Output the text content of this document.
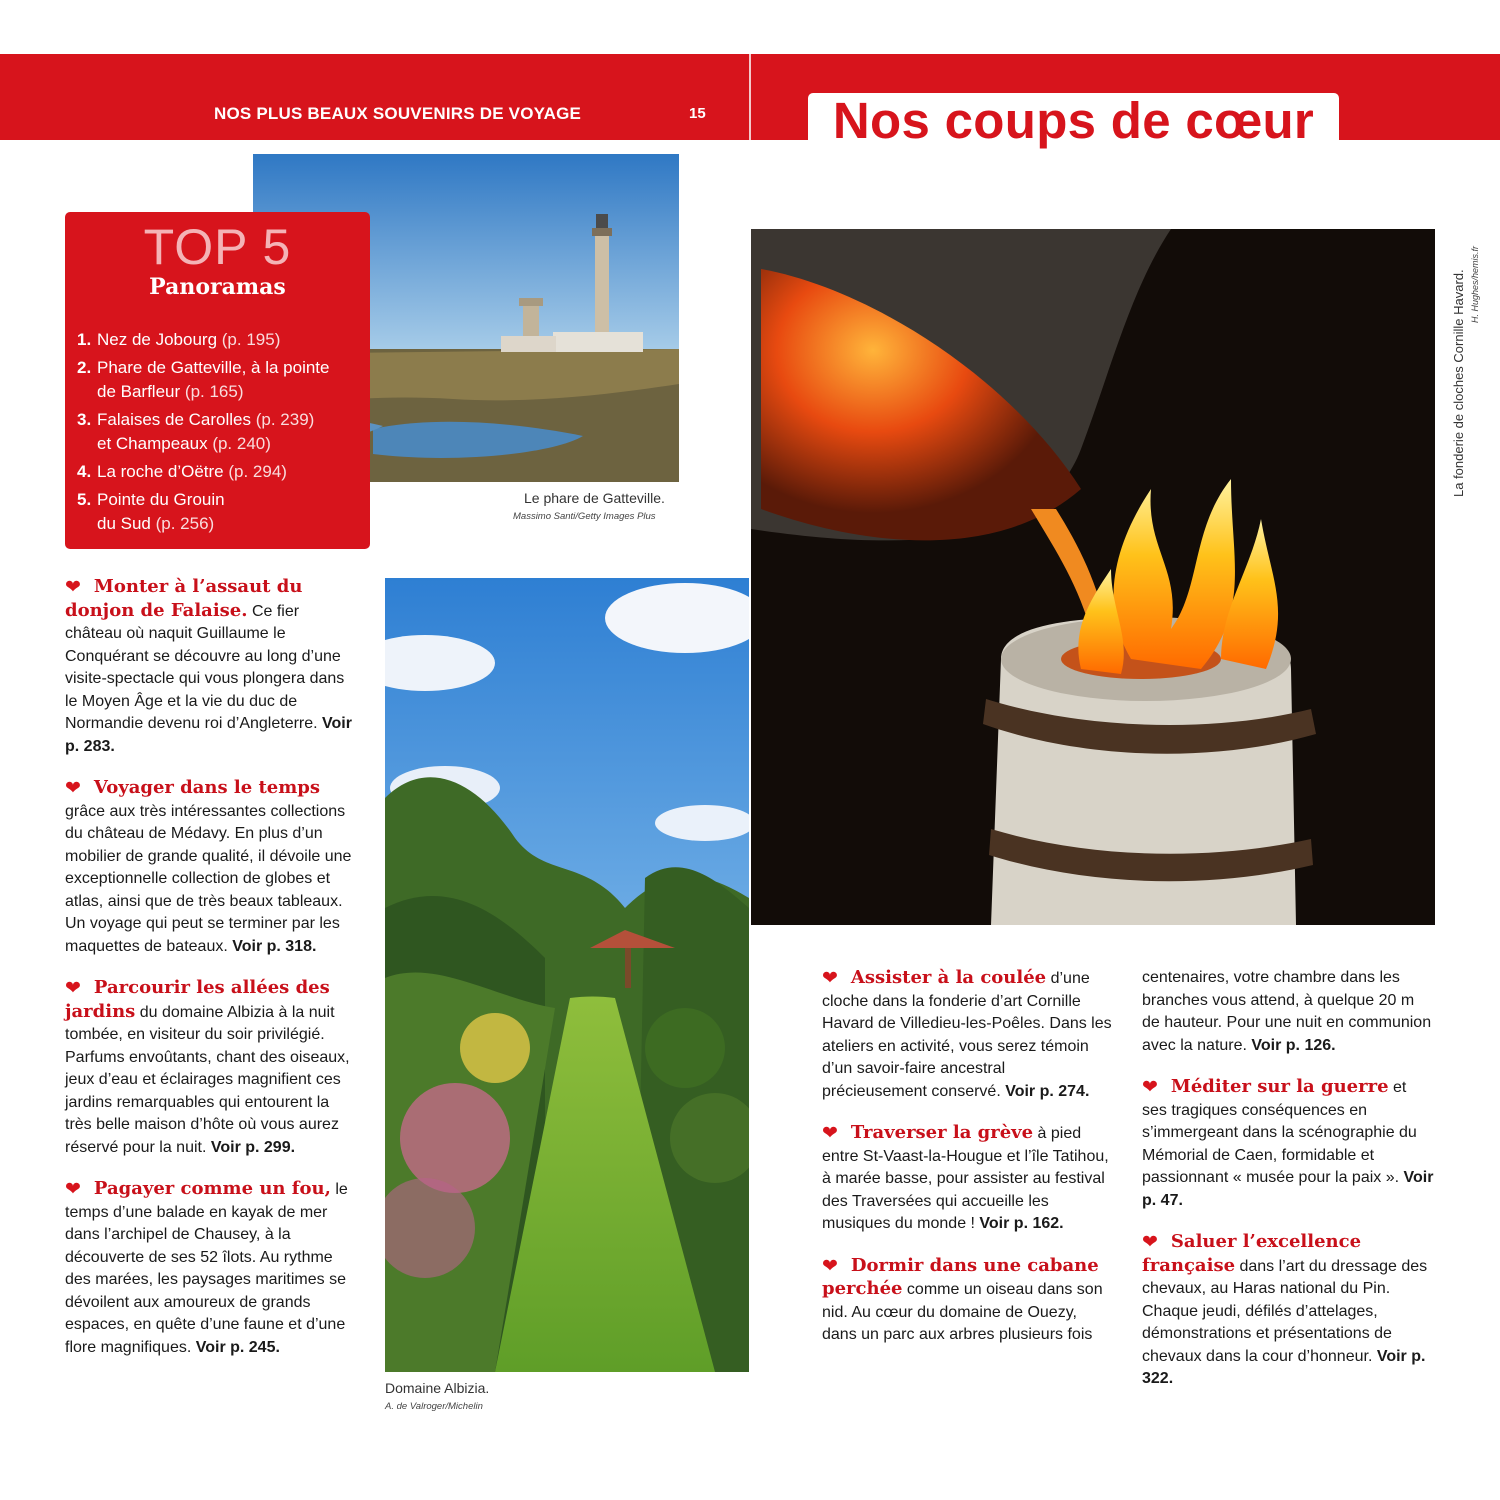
NOS PLUS BEAUX SOUVENIRS DE VOYAGE	15	Nos coups de cœur
Le phare de Gatteville.
Massimo Santi/Getty Images Plus
TOP 5
Panoramas
1. Nez de Jobourg (p. 195)
2. Phare de Gatteville, à la pointe
de Barfleur (p. 165)
3. Falaises de Carolles (p. 239)
et Champeaux (p. 240)
4. La roche d’Oëtre (p. 294)
5. Pointe du Grouin
du Sud (p. 256)
Domaine Albizia.
A. de Valroger/Michelin
La fonderie de cloches Cornille Havard. H. Hughes/hemis.fr

❤ Monter à l’assaut du donjon de Falaise. Ce fier château où naquit Guillaume le Conquérant se découvre au long d’une visite-spectacle qui vous plongera dans le Moyen Âge et la vie du duc de Normandie devenu roi d’Angleterre. Voir p. 283.

❤ Voyager dans le temps grâce aux très intéressantes collections du château de Médavy. En plus d’un mobilier de grande qualité, il dévoile une exceptionnelle collection de globes et atlas, ainsi que de très beaux tableaux. Un voyage qui peut se terminer par les maquettes de bateaux. Voir p. 318.

❤ Parcourir les allées des jardins du domaine Albizia à la nuit tombée, en visiteur du soir privilégié. Parfums envoûtants, chant des oiseaux, jeux d’eau et éclairages magnifient ces jardins remarquables qui entourent la très belle maison d’hôte où vous aurez réservé pour la nuit. Voir p. 299.

❤ Pagayer comme un fou, le temps d’une balade en kayak de mer dans l’archipel de Chausey, à la découverte de ses 52 îlots. Au rythme des marées, les paysages maritimes se dévoilent aux amoureux de grands espaces, en quête d’une faune et d’une flore magnifiques. Voir p. 245.

❤ Assister à la coulée d’une cloche dans la fonderie d’art Cornille Havard de Villedieu-les-Poêles. Dans les ateliers en activité, vous serez témoin d’un savoir-faire ancestral précieusement conservé. Voir p. 274.

❤ Traverser la grève à pied entre St-Vaast-la-Hougue et l’île Tatihou, à marée basse, pour assister au festival des Traversées qui accueille les musiques du monde ! Voir p. 162.

❤ Dormir dans une cabane perchée comme un oiseau dans son nid. Au cœur du domaine de Ouezy, dans un parc aux arbres plusieurs fois

centenaires, votre chambre dans les branches vous attend, à quelque 20 m de hauteur. Pour une nuit en communion avec la nature. Voir p. 126.

❤ Méditer sur la guerre et ses tragiques conséquences en s’immergeant dans la scénographie du Mémorial de Caen, formidable et passionnant « musée pour la paix ». Voir p. 47.

❤ Saluer l’excellence française dans l’art du dressage des chevaux, au Haras national du Pin. Chaque jeudi, défilés d’attelages, démonstrations et présentations de chevaux dans la cour d’honneur. Voir p. 322.
